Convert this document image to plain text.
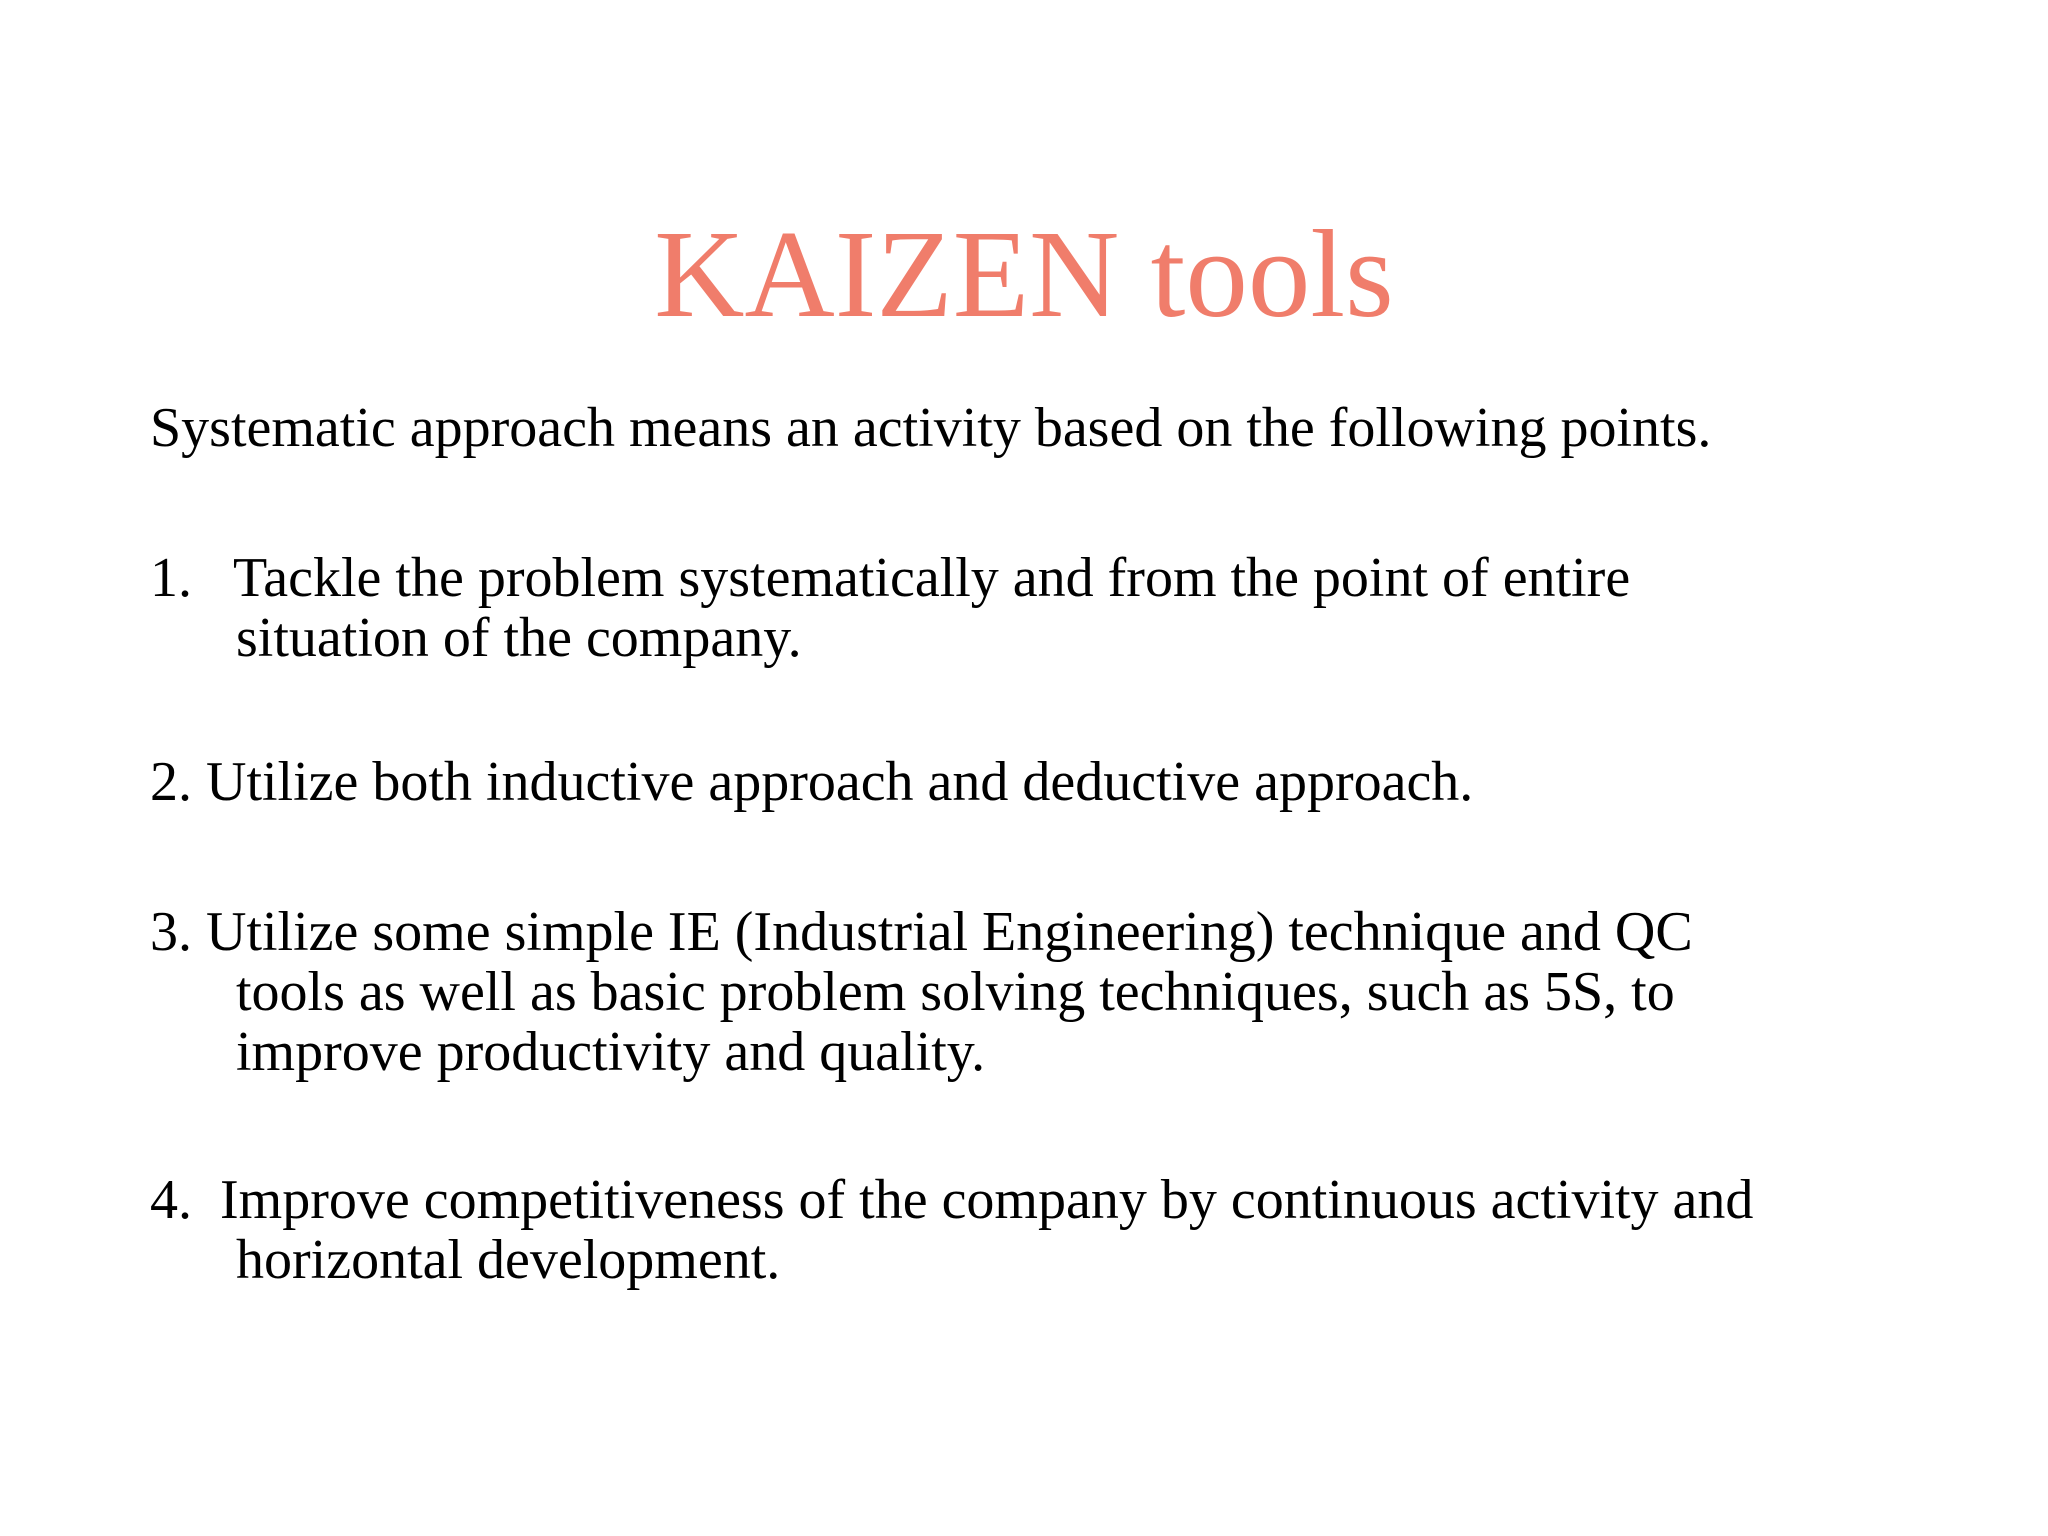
KAIZEN tools
Systematic approach means an activity based on the following points.
1.   Tackle the problem systematically and from the point of entire
situation of the company.
2. Utilize both inductive approach and deductive approach.
3. Utilize some simple IE (Industrial Engineering) technique and QC
tools as well as basic problem solving techniques, such as 5S, to
improve productivity and quality.
4.  Improve competitiveness of the company by continuous activity and
horizontal development.
